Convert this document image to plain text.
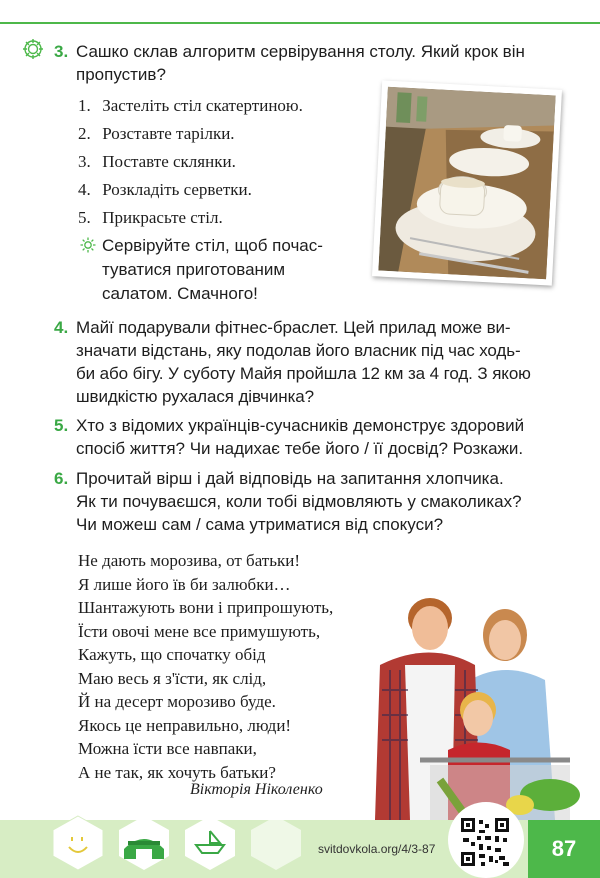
3. Сашко склав алгоритм сервірування столу. Який крок він
пропустив?
1. Застеліть стіл скатертиною.
2. Розставте тарілки.
3. Поставте склянки.
4. Розкладіть серветки.
5. Прикрасьте стіл.
Сервіруйте стіл, щоб почас-
туватися приготованим
салатом. Смачного!
4. Майї подарували фітнес-браслет. Цей прилад може ви-
значати відстань, яку подолав його власник під час ходь-
би або бігу. У суботу Майя пройшла 12 км за 4 год. З якою
швидкістю рухалася дівчинка?
5. Хто з відомих українців-сучасників демонструє здоровий
спосіб життя? Чи надихає тебе його / її досвід? Розкажи.
6. Прочитай вірш і дай відповідь на запитання хлопчика.
Як ти почуваєшся, коли тобі відмовляють у смаколиках?
Чи можеш сам / сама утриматися від спокуси?
Не дають морозива, от батьки!
Я лише його їв би залюбки…
Шантажують вони і припрошують,
Їсти овочі мене все примушують,
Кажуть, що спочатку обід
Маю весь я з'їсти, як слід,
Й на десерт морозиво буде.
Якось це неправильно, люди!
Можна їсти все навпаки,
А не так, як хочуть батьки?
Вікторія Ніколенко
svitdovkola.org/4/3-87	87
